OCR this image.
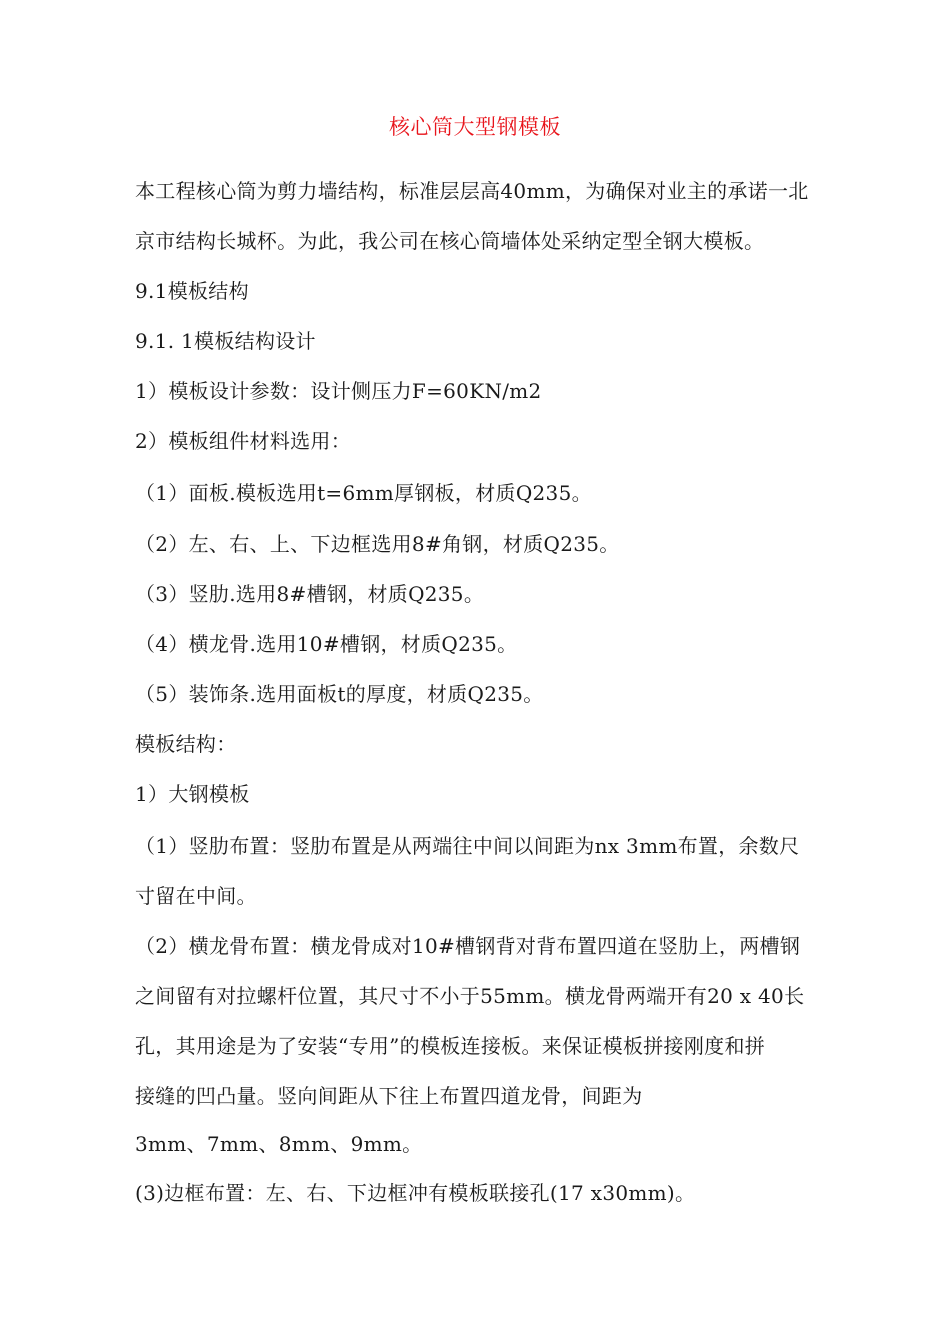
核心筒大型钢模板
本工程核心筒为剪力墙结构，标准层层高40mm，为确保对业主的承诺一北
京市结构长城杯。为此，我公司在核心筒墙体处采纳定型全钢大模板。
9.1模板结构
9.1. 1模板结构设计
1）模板设计参数：设计侧压力F=60KN/m2
2）模板组件材料选用：
（1）面板.模板选用t=6mm厚钢板，材质Q235。
（2）左、右、上、下边框选用8#角钢，材质Q235。
（3）竖肋.选用8#槽钢，材质Q235。
（4）横龙骨.选用10#槽钢，材质Q235。
（5）装饰条.选用面板t的厚度，材质Q235。
模板结构：
1）大钢模板
（1）竖肋布置：竖肋布置是从两端往中间以间距为nx 3mm布置，余数尺
寸留在中间。
（2）横龙骨布置：横龙骨成对10#槽钢背对背布置四道在竖肋上，两槽钢
之间留有对拉螺杆位置，其尺寸不小于55mm。横龙骨两端开有20 x 40长
孔，其用途是为了安装“专用”的模板连接板。来保证模板拼接刚度和拼
接缝的凹凸量。竖向间距从下往上布置四道龙骨，间距为
3mm、7mm、8mm、9mm。
(3)边框布置：左、右、下边框冲有模板联接孔(17 x30mm)。
